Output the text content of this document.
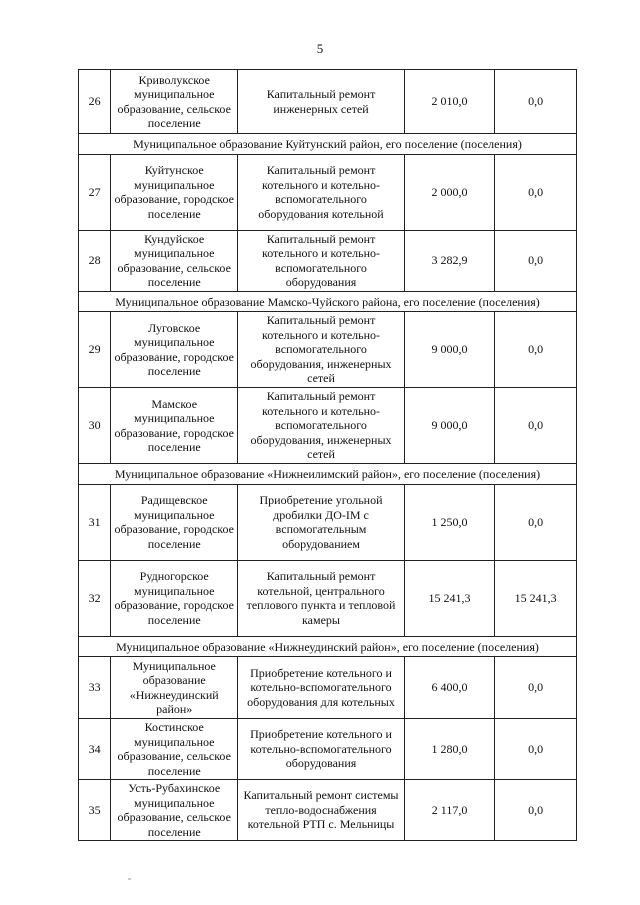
5
26	Криволукское муниципальное образование, сельское поселение	Капитальный ремонт инженерных сетей	2 010,0	0,0
Муниципальное образование Куйтунский район, его поселение (поселения)				
27	Куйтунское муниципальное образование, городское поселение	Капитальный ремонт котельного и котельно-вспомогательного оборудования котельной	2 000,0	0,0
28	Кундуйское муниципальное образование, сельское поселение	Капитальный ремонт котельного и котельно-вспомогательного оборудования	3 282,9	0,0
Муниципальное образование Мамско-Чуйского района, его поселение (поселения)				
29	Луговское муниципальное образование, городское поселение	Капитальный ремонт котельного и котельно-вспомогательного оборудования, инженерных сетей	9 000,0	0,0
30	Мамское муниципальное образование, городское поселение	Капитальный ремонт котельного и котельно-вспомогательного оборудования, инженерных сетей	9 000,0	0,0
Муниципальное образование «Нижнеилимский район», его поселение (поселения)				
31	Радищевское муниципальное образование, городское поселение	Приобретение угольной дробилки ДО-IM с вспомогательным оборудованием	1 250,0	0,0
32	Рудногорское муниципальное образование, городское поселение	Капитальный ремонт котельной, центрального теплового пункта и тепловой камеры	15 241,3	15 241,3
Муниципальное образование «Нижнеудинский район», его поселение (поселения)				
33	Муниципальное образование «Нижнеудинский район»	Приобретение котельного и котельно-вспомогательного оборудования для котельных	6 400,0	0,0
34	Костинское муниципальное образование, сельское поселение	Приобретение котельного и котельно-вспомогательного оборудования	1 280,0	0,0
35	Усть-Рубахинское муниципальное образование, сельское поселение	Капитальный ремонт системы тепло-водоснабжения котельной РТП с. Мельницы	2 117,0	0,0
